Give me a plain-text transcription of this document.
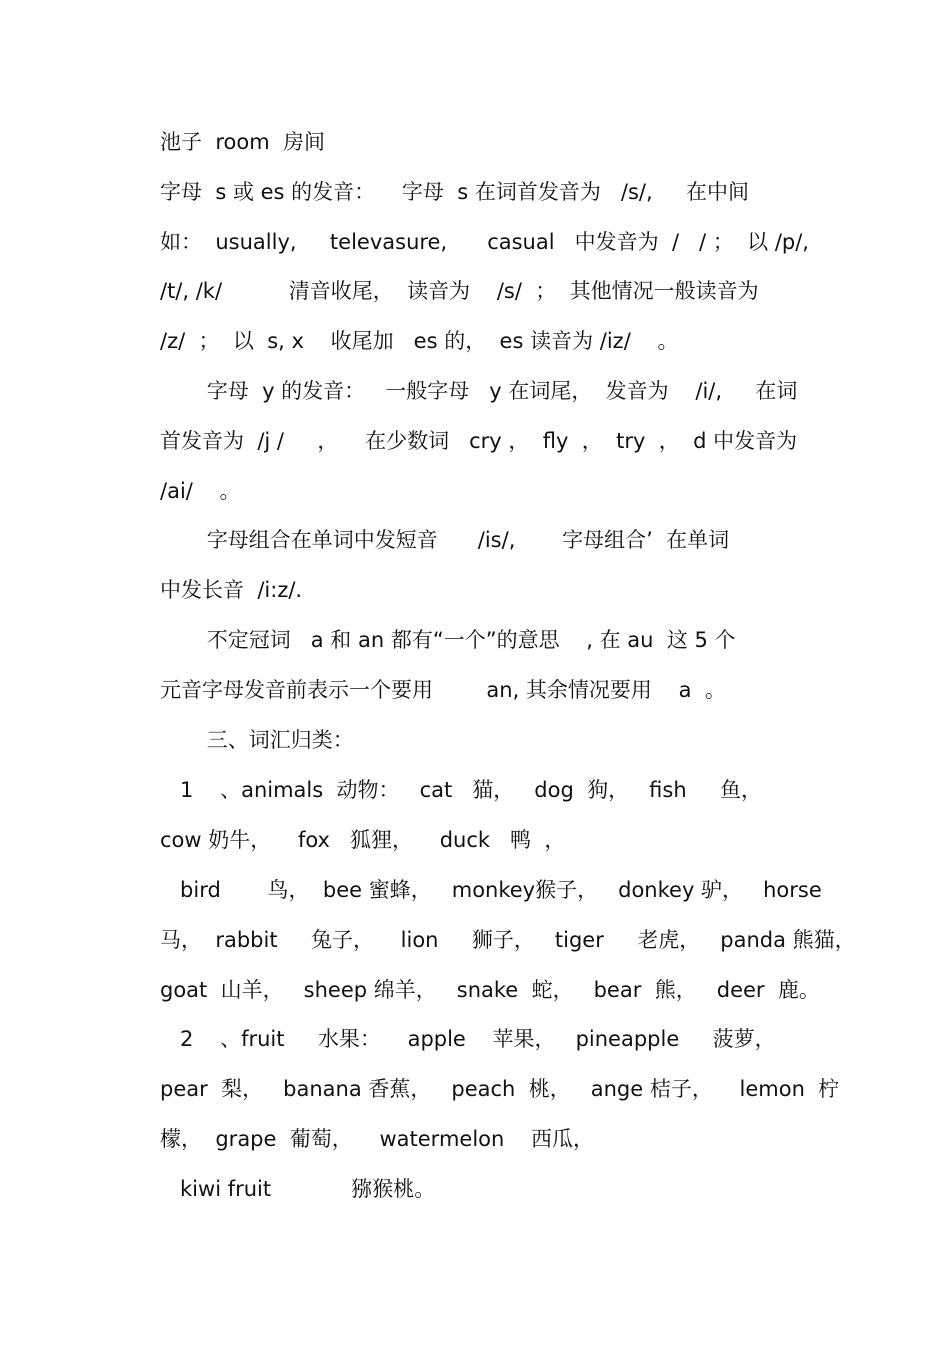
池子  room  房间

字母  s 或 es 的发音：    字母  s 在词首发音为   /s/,     在中间

如：  usually,     televasure,      casual   中发音为  /   / ；  以 /p/,

/t/, /k/          清音收尾，  读音为    /s/  ；  其他情况一般读音为

/z/  ；  以  s, x    收尾加   es 的，  es 读音为 /iz/    。

字母  y 的发音：   一般字母   y 在词尾，  发音为    /i/,     在词

首发音为  /j /     ，    在少数词   cry ，  fly  ，  try  ，  d 中发音为

/ai/    。

字母组合在单词中发短音      /is/,       字母组合’  在单词

中发长音  /i:z/.

不定冠词   a 和 an 都有“一个”的意思    , 在 au  这 5 个

元音字母发音前表示一个要用        an, 其余情况要用    a  。

三、词汇归类：

1    、animals  动物：   cat   猫，   dog  狗，   fish     鱼，

cow 奶牛，    fox   狐狸，    duck   鸭  ，

bird       鸟，  bee 蜜蜂，   monkey猴子，   donkey 驴，   horse

马，  rabbit     兔子，    lion     狮子，   tiger     老虎，   panda 熊猫，

goat  山羊，   sheep 绵羊，   snake  蛇，   bear  熊，   deer  鹿。

2    、fruit     水果：    apple    苹果，   pineapple     菠萝，

pear  梨，   banana 香蕉，   peach  桃，   ange 桔子，    lemon  柠

檬，  grape  葡萄，    watermelon    西瓜，

kiwi fruit            猕猴桃。
